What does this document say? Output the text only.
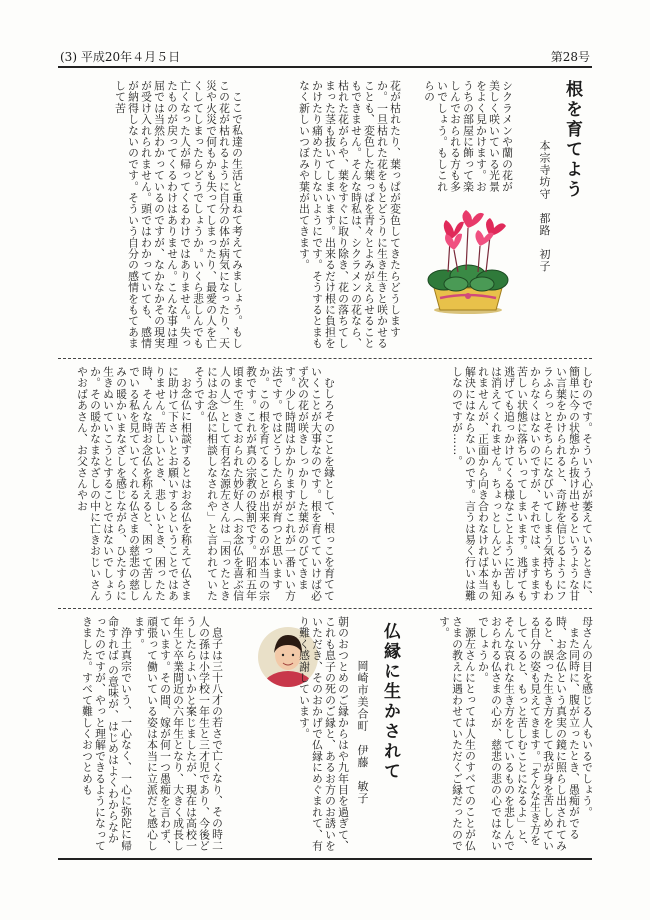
(3) 平成20年４月５日	第28号
根を育てよう
本宗寺坊守 都路　初子

シクラメンや蘭の花が美しく咲いている光景をよく見かけます。おうちの部屋に飾って楽しんでおられる方も多いでしょう。もしこれらの

花が枯れたり、葉っぱが変色してきたらどうしますか。一旦枯れた花をもとどうりに生き生きと咲かせることも、変色した葉っぱを青々とよみがえらせることもできません。そんな時私は、シクラメンの花なら、枯れた花がらや、葉をすぐに取り除き、花の落ちてしまった茎も抜いてしまいます。出来るだけ根に負担をかけたり痛めたりしないようにです。そうするとまもなく新しいつぼみや葉が出てきます。

ここで私達の生活と重ねて考えてみましょう。もしこの花が枯れるように自分の体が病気になったり、天災や火災で何もかも失ってしまったり、最愛の人を亡くしてしまったらどうでしょうか。いくら悲しんでも亡くなった人が帰ってくるわけではありません。失ったものが戻ってくるわけはありません。こんな事は理屈では当然わかっているのですが、なかなかその現実が受け入れられません。頭ではわかっていても、感情が納得しないのです。そういう自分の感情をもてあまして苦

しむのです。そういう心が萎えているときに、簡単に今の状態から抜け出せるというような甘い言葉をかけられると、奇跡を信じるようにフラふらっとそちらになびいてしまう気持ちもわからなくはないのですが、それでは、ますます苦しい状態に落ちいってしまいます。逃げても逃げても追っかけてくる様なことように苦しみは消えてくれません。ちょっとしんどいかも知れませんが、正面から向き合わなければ本当の解決にはならないのです。言うは易く行いは難しなのですが……。

むしろそのことを縁として、根っこを育てていくことが大事なのです。根を育てていけば必ず次の花が咲きしっかりした葉がのびてきます。少し時間はかかりますがこれが一番いい方法です。ではどうしたら根が育つと思いますか。この根を育てることが出来るのが本当の宗教です。これが真の宗教の役割です。昭和五年頃まで生きておられた妙好人（お念仏を喜ぶ信人の人）として有名な源左さんは「困ったときにはお念仏に相談しなされや」と言われていたそうです。

お念仏に相談するとはお念仏を称えて仏さまに助けて下さいとお願いするということではありません。苦しいとき、悲しいとき、困ったた時、そんな時お念仏を称えると、困って苦しんでいる私を見ていてくれる仏さまの慈悲の慈しみの暖かいまなざしを感じながら、ひたすらに生きぬいていこうとすることではないでしょうか。その暖かなまなざしの中に亡きおじいさんやおばあさん、お父さんやお

母さんの目を感じる人もいるでしょう。

また同時に、腹が立ったとき、愚痴がでる時、お念仏という真実の鏡に照らし出されてみると、誤った生き方をして我が身を苦しめている自分の姿も見えてきます。「そんな生き方をしていると、もっと苦しむことになるよ」と、そんな哀れな生き方をしているものを悲しんでおられる仏さまの心が、慈悲の悲の心ではないでしょうか。

源左さんにとっては人生のすべてのことが仏さまの教えに遇わせていただくご縁だったのです。

仏縁に生かされて
岡崎市美合町 伊藤　敏子

朝のおつとめのご縁からはや九年目を過ぎて、これも息子の死のご縁と、あるお方のお誘いをいただき、そのおかげで仏縁にめぐまれて、有り難く感謝しています。

息子は三十八才の若さで亡くなり、その時二人の孫は小学校一年生と三才児であり、今後どうしたらよいかと案じましたが、現在は高校一年生と卒業間近の六年生となり、大きく成長しています。その間、嫁が何一つ愚痴を言わず、頑張って働いている姿は本当に立派だと感心します。

浄土真宗でいう、一心なく、一心に弥陀に帰命すれば の意味が、はじめはよくわからなかったのですが、やっと理解できるようになってきました。すべて難しくおつとめも
